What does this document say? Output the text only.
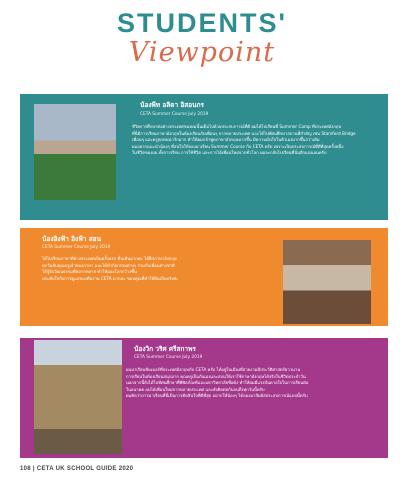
STUDENTS'
Viewpoint
น้องพีท อลิดา อิสอนกร
CETA Summer Course July 2019
ชีวิตการศึกษาต่อต่างประเทศของผมนั้นเต็มไปด้วยประสบการณ์ที่ดี ผมได้ไปเรียนที่ Summer Camp ที่ประเทศอังกฤษ
ที่นี่มีการเรียนภาษาอังกฤษในห้องเรียนกับเพื่อนๆ จากหลายประเทศ และได้ไปทัศนศึกษาสถานที่สำคัญ เช่น Stamford Bridge
เพื่อนๆ และครูทุกคนน่ารักมาก ทำให้ผมกล้าพูดภาษาอังกฤษมากขึ้น มีความมั่นใจในตัวเองมากขึ้นกว่าเดิม
ผมอยากแนะนำน้องๆ ที่สนใจให้ลองมาเรียน Summer Course กับ CETA ครับ เพราะเป็นประสบการณ์ที่ดีที่สุดครั้งหนึ่ง
ในชีวิตของผม ทั้งการเรียน การใช้ชีวิต และการได้เพื่อนใหม่จากทั่วโลก ผมจะกลับไปเรียนที่นั่นอีกแน่นอนครับ
น้องอิงฟ้า อิงฟ้า สอน
CETA Summer Course July 2019
ได้ไปเรียนภาษาที่ต่างประเทศเป็นครั้งแรก ตื่นเต้นมากค่ะ ได้ฝึกภาษาอังกฤษ
ทุกวันกับคุณครูเจ้าของภาษา และได้ทำกิจกรรมต่างๆ ร่วมกับเพื่อนต่างชาติ
ได้รู้จักวัฒนธรรมที่หลากหลาย ทำให้มองโลกกว้างขึ้น
ประทับใจกับการดูแลของทีมงาน CETA มากค่ะ ขอบคุณที่ทำให้ฝันเป็นจริงค่ะ
น้องวิก วริศ ศรีสกาพร
CETA Summer Course July 2019
ผมมาเรียนซัมเมอร์ที่ประเทศอังกฤษกับ CETA ครับ ได้อยู่ในเมืองที่สวยงามมีประวัติศาสตร์ยาวนาน
การเรียนในห้องเรียนสนุกมาก คุณครูเป็นกันเองและสอนให้เราใช้ภาษาอังกฤษได้จริงในชีวิตประจำวัน
นอกจากนี้ยังได้ไปทัศนศึกษาที่พิพิธภัณฑ์และมหาวิทยาลัยชื่อดัง ทำให้ผมมีแรงบันดาลใจในการเรียนต่อ
ในอนาคต ผมได้เพื่อนใหม่จากหลายประเทศ และยังติดต่อกันจนถึงทุกวันนี้ครับ
ผมคิดว่าการมาเรียนที่นี่เป็นการตัดสินใจที่ดีที่สุด อยากให้น้องๆ ได้ลองมาสัมผัสประสบการณ์แบบนี้ครับ
108 | CETA UK SCHOOL GUIDE 2020
